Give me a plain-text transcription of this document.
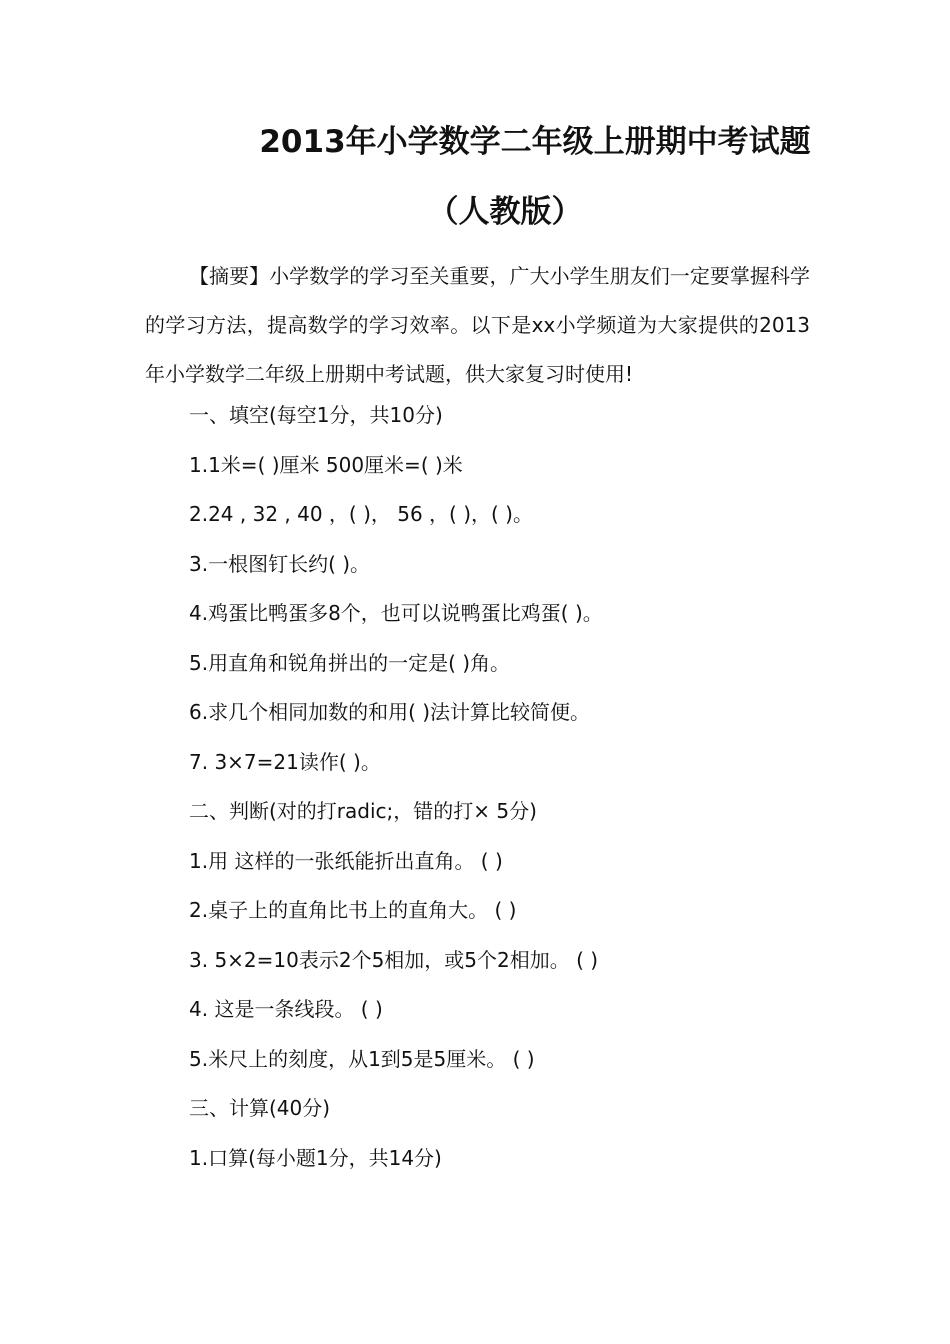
2013年小学数学二年级上册期中考试题
（人教版）

【摘要】小学数学的学习至关重要，广大小学生朋友们一定要掌握科学的学习方法，提高数学的学习效率。以下是xx小学频道为大家提供的2013年小学数学二年级上册期中考试题，供大家复习时使用!

一、填空(每空1分，共10分)

1.1米=( )厘米 500厘米=( )米

2.24 , 32 , 40 ，( )， 56 ，( )，( )。

3.一根图钉长约( )。

4.鸡蛋比鸭蛋多8个，也可以说鸭蛋比鸡蛋( )。

5.用直角和锐角拼出的一定是( )角。

6.求几个相同加数的和用( )法计算比较简便。

7. 3×7=21读作( )。

二、判断(对的打radic;，错的打× 5分)

1.用 这样的一张纸能折出直角。 ( )

2.桌子上的直角比书上的直角大。 ( )

3. 5×2=10表示2个5相加，或5个2相加。 ( )

4. 这是一条线段。 ( )

5.米尺上的刻度，从1到5是5厘米。 ( )

三、计算(40分)

1.口算(每小题1分，共14分)
